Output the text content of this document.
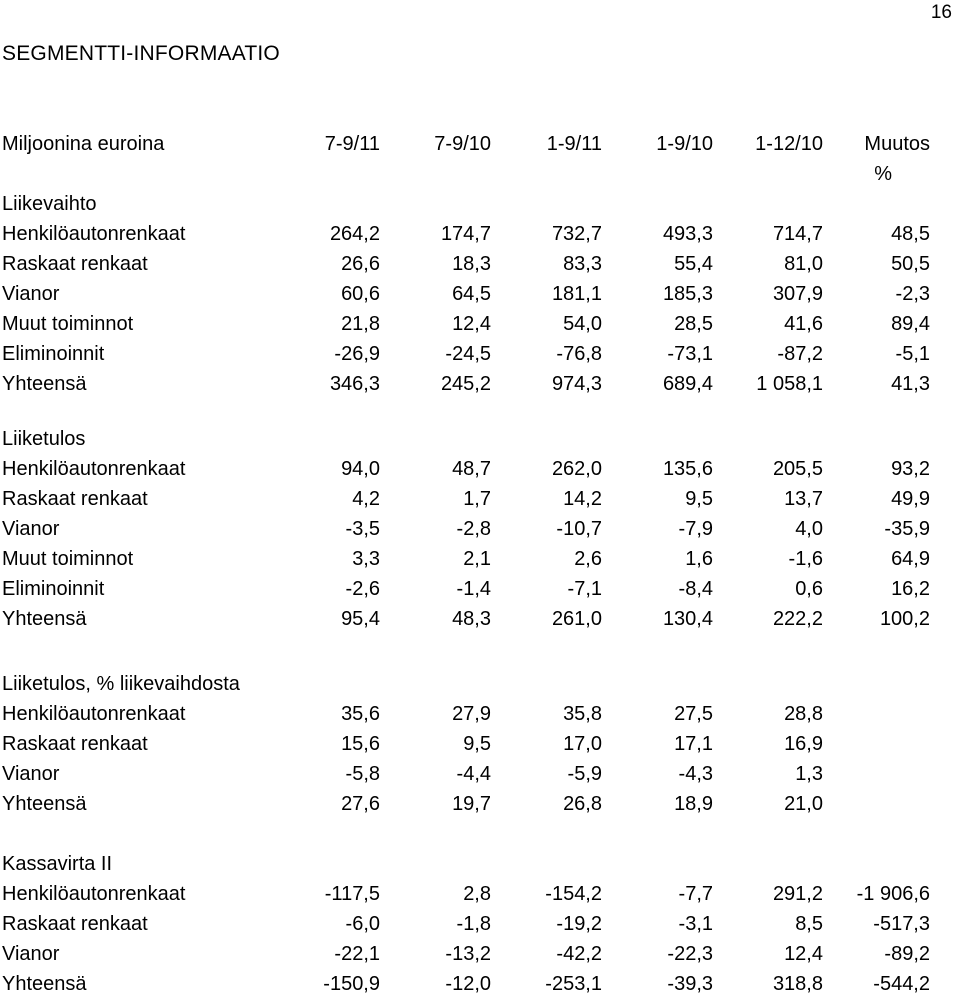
16
SEGMENTTI-INFORMAATIO
Miljoonina euroina	7-9/11	7-9/10	1-9/11	1-9/10	1-12/10	Muutos
%
Liikevaihto
Henkilöautonrenkaat	264,2	174,7	732,7	493,3	714,7	48,5
Raskaat renkaat	26,6	18,3	83,3	55,4	81,0	50,5
Vianor	60,6	64,5	181,1	185,3	307,9	-2,3
Muut toiminnot	21,8	12,4	54,0	28,5	41,6	89,4
Eliminoinnit	-26,9	-24,5	-76,8	-73,1	-87,2	-5,1
Yhteensä	346,3	245,2	974,3	689,4	1 058,1	41,3
Liiketulos
Henkilöautonrenkaat	94,0	48,7	262,0	135,6	205,5	93,2
Raskaat renkaat	4,2	1,7	14,2	9,5	13,7	49,9
Vianor	-3,5	-2,8	-10,7	-7,9	4,0	-35,9
Muut toiminnot	3,3	2,1	2,6	1,6	-1,6	64,9
Eliminoinnit	-2,6	-1,4	-7,1	-8,4	0,6	16,2
Yhteensä	95,4	48,3	261,0	130,4	222,2	100,2
Liiketulos, % liikevaihdosta
Henkilöautonrenkaat	35,6	27,9	35,8	27,5	28,8
Raskaat renkaat	15,6	9,5	17,0	17,1	16,9
Vianor	-5,8	-4,4	-5,9	-4,3	1,3
Yhteensä	27,6	19,7	26,8	18,9	21,0
Kassavirta II
Henkilöautonrenkaat	-117,5	2,8	-154,2	-7,7	291,2	-1 906,6
Raskaat renkaat	-6,0	-1,8	-19,2	-3,1	8,5	-517,3
Vianor	-22,1	-13,2	-42,2	-22,3	12,4	-89,2
Yhteensä	-150,9	-12,0	-253,1	-39,3	318,8	-544,2
